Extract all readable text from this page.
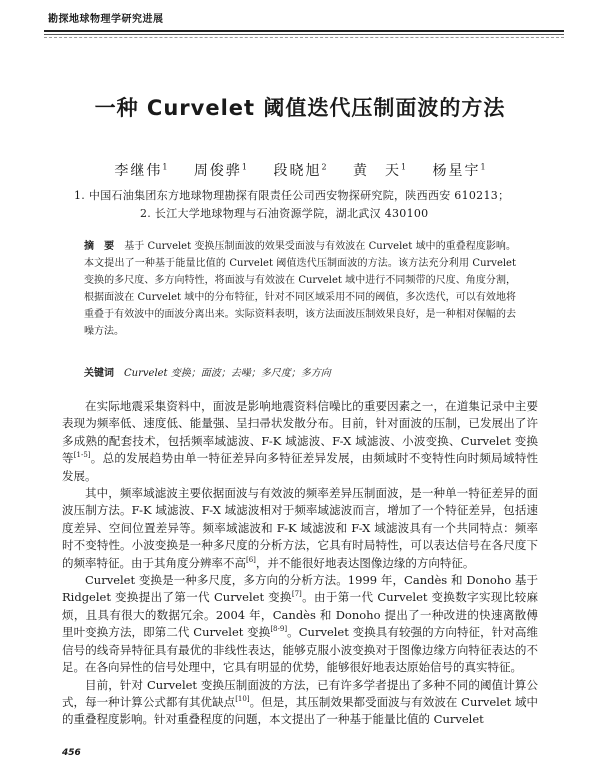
勘探地球物理学研究进展
一种 Curvelet 阈值迭代压制面波的方法
李继伟$^1$ 周俊骅$^1$ 段晓旭$^2$ 黄　天$^1$ 杨星宇$^1$
1. 中国石油集团东方地球物理勘探有限责任公司西安物探研究院，陕西西安 610213；
2. 长江大学地球物理与石油资源学院，湖北武汉 430100
摘　要 基于 Curvelet 变换压制面波的效果受面波与有效波在 Curvelet 域中的重叠程度影响。本文提出了一种基于能量比值的 Curvelet 阈值迭代压制面波的方法。该方法充分利用 Curvelet 变换的多尺度、多方向特性，将面波与有效波在 Curvelet 域中进行不同频带的尺度、角度分割，根据面波在 Curvelet 域中的分布特征，针对不同区域采用不同的阈值，多次迭代，可以有效地将重叠于有效波中的面波分离出来。实际资料表明，该方法面波压制效果良好，是一种相对保幅的去噪方法。
关键词 Curvelet 变换；面波；去噪；多尺度；多方向

在实际地震采集资料中，面波是影响地震资料信噪比的重要因素之一，在道集记录中主要表现为频率低、速度低、能量强、呈扫帚状发散分布。目前，针对面波的压制，已发展出了许多成熟的配套技术，包括频率域滤波、F-K 域滤波、F-X 域滤波、小波变换、Curvelet 变换等[1-5]。总的发展趋势由单一特征差异向多特征差异发展，由频域时不变特性向时频局域特性发展。

其中，频率域滤波主要依据面波与有效波的频率差异压制面波，是一种单一特征差异的面波压制方法。F-K 域滤波、F-X 域滤波相对于频率域滤波而言，增加了一个特征差异，包括速度差异、空间位置差异等。频率域滤波和 F-K 域滤波和 F-X 域滤波具有一个共同特点：频率时不变特性。小波变换是一种多尺度的分析方法，它具有时局特性，可以表达信号在各尺度下的频率特征。由于其角度分辨率不高[6]，并不能很好地表达图像边缘的方向特征。

Curvelet 变换是一种多尺度，多方向的分析方法。1999 年，Candès 和 Donoho 基于 Ridgelet 变换提出了第一代 Curvelet 变换[7]。由于第一代 Curvelet 变换数字实现比较麻烦，且具有很大的数据冗余。2004 年，Candès 和 Donoho 提出了一种改进的快速离散傅里叶变换方法，即第二代 Curvelet 变换[8-9]。Curvelet 变换具有较强的方向特征，针对高维信号的线奇异特征具有最优的非线性表达，能够克服小波变换对于图像边缘方向特征表达的不足。在各向异性的信号处理中，它具有明显的优势，能够很好地表达原始信号的真实特征。

目前，针对 Curvelet 变换压制面波的方法，已有许多学者提出了多种不同的阈值计算公式，每一种计算公式都有其优缺点[10]。但是，其压制效果都受面波与有效波在 Curvelet 域中的重叠程度影响。针对重叠程度的问题，本文提出了一种基于能量比值的 Curvelet

456
